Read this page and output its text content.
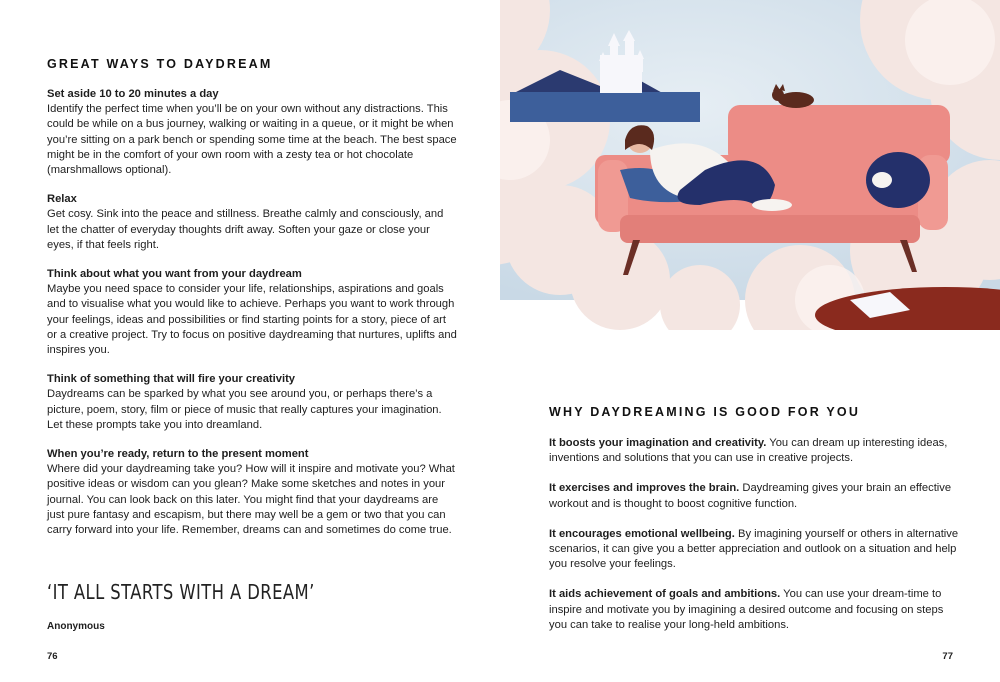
GREAT WAYS TO DAYDREAM
Set aside 10 to 20 minutes a day
Identify the perfect time when you’ll be on your own without any distractions. This could be while on a bus journey, walking or waiting in a queue, or it might be when you’re sitting on a park bench or spending some time at the beach. The best space might be in the comfort of your own room with a zesty tea or hot chocolate (marshmallows optional).
Relax
Get cosy. Sink into the peace and stillness. Breathe calmly and consciously, and let the chatter of everyday thoughts drift away. Soften your gaze or close your eyes, if that feels right.
Think about what you want from your daydream
Maybe you need space to consider your life, relationships, aspirations and goals and to visualise what you would like to achieve. Perhaps you want to work through your feelings, ideas and possibilities or find starting points for a story, piece of art or a creative project. Try to focus on positive daydreaming that nurtures, uplifts and inspires you.
Think of something that will fire your creativity
Daydreams can be sparked by what you see around you, or perhaps there’s a picture, poem, story, film or piece of music that really captures your imagination. Let these prompts take you into dreamland.
When you’re ready, return to the present moment
Where did your daydreaming take you? How will it inspire and motivate you? What positive ideas or wisdom can you glean? Make some sketches and notes in your journal. You can look back on this later. You might find that your daydreams are just pure fantasy and escapism, but there may well be a gem or two that you can carry forward into your life. Remember, dreams can and sometimes do come true.
‘IT ALL STARTS WITH A DREAM’
Anonymous
76
WHY DAYDREAMING IS GOOD FOR YOU

It boosts your imagination and creativity. You can dream up interesting ideas, inventions and solutions that you can use in creative projects.

It exercises and improves the brain. Daydreaming gives your brain an effective workout and is thought to boost cognitive function.

It encourages emotional wellbeing. By imagining yourself or others in alternative scenarios, it can give you a better appreciation and outlook on a situation and help you resolve your feelings.

It aids achievement of goals and ambitions. You can use your dream-time to inspire and motivate you by imagining a desired outcome and focusing on steps you can take to realise your long-held ambitions.

77
